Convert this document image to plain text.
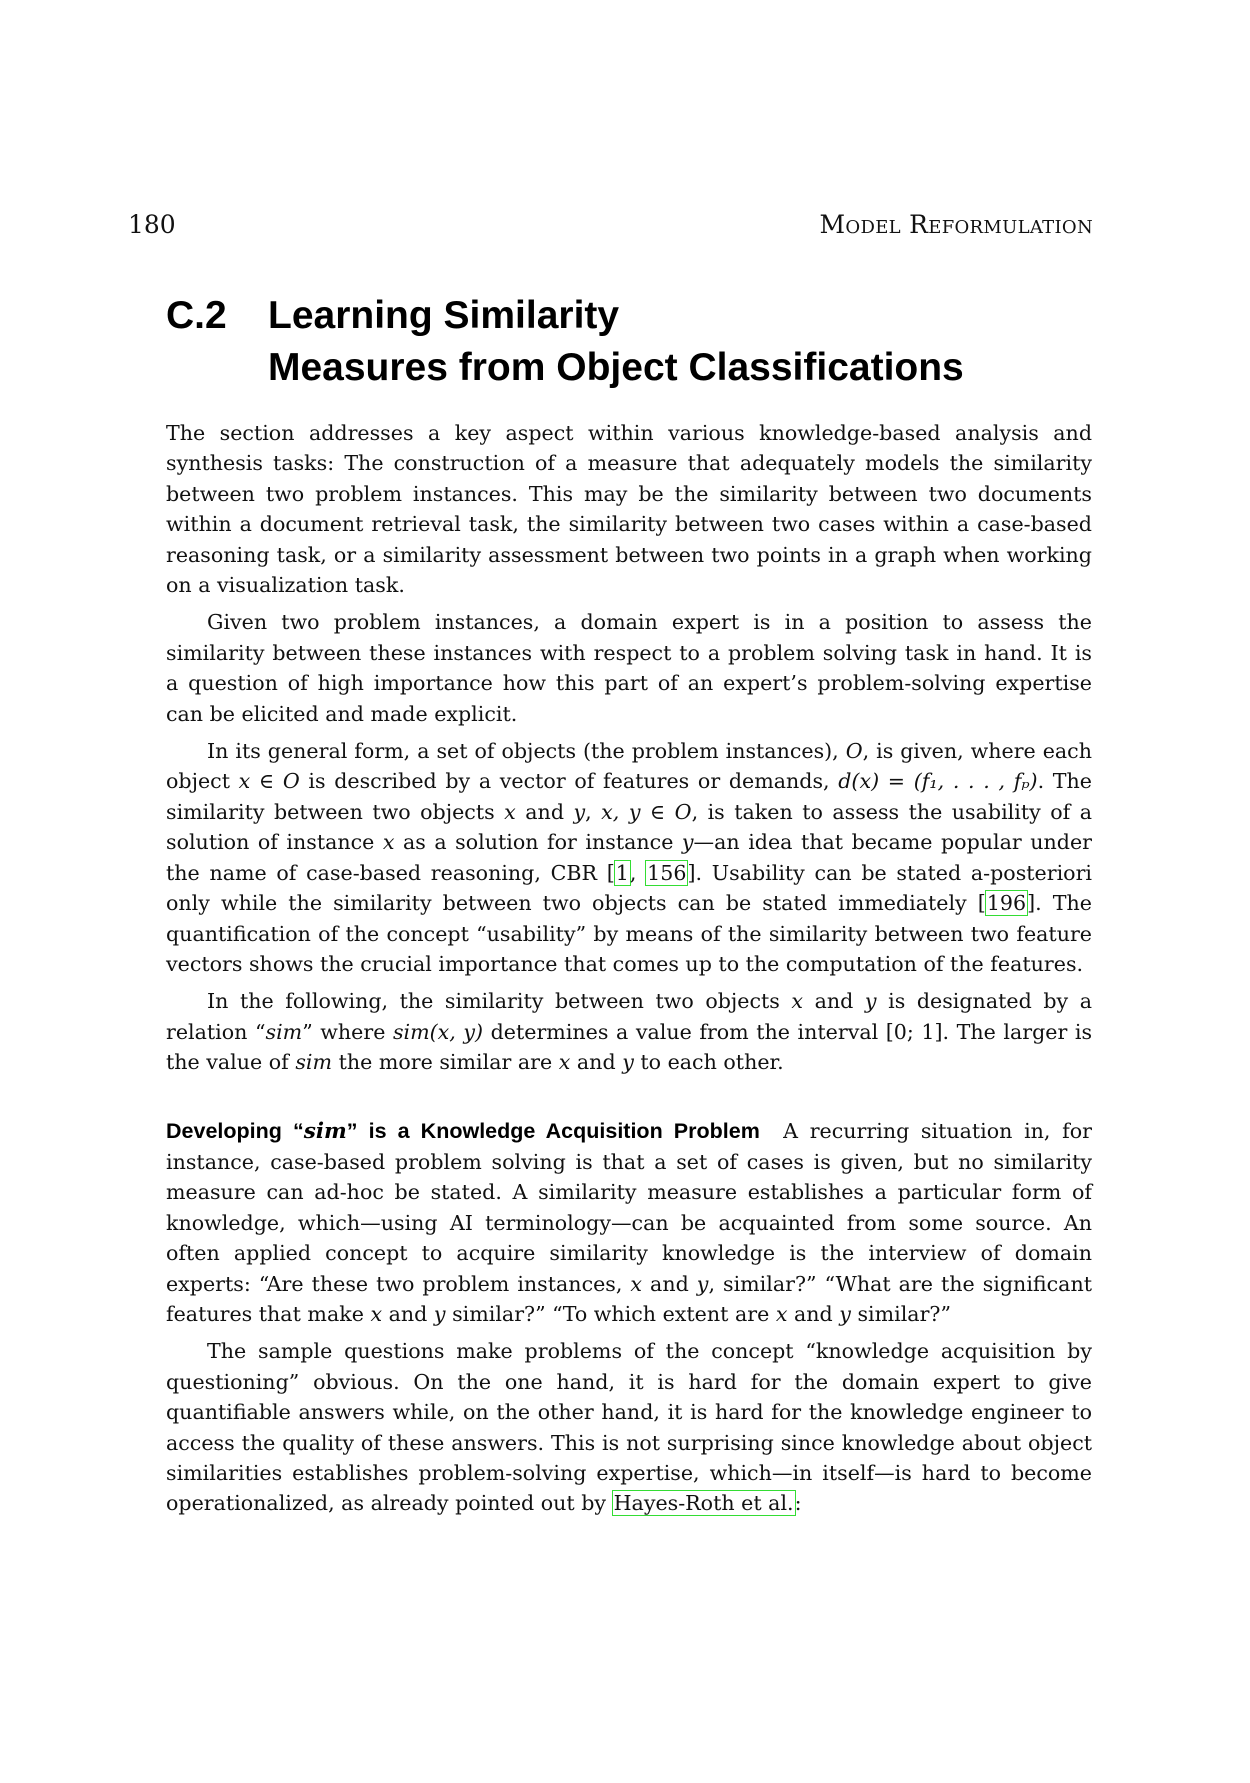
180	Model Reformulation
C.2 Learning Similarity
Measures from Object Classifications

The section addresses a key aspect within various knowledge-based analysis and synthesis tasks: The construction of a measure that adequately models the similarity between two problem instances. This may be the similarity between two documents within a document retrieval task, the similarity between two cases within a case-based reasoning task, or a similarity assessment between two points in a graph when working on a visualization task.

Given two problem instances, a domain expert is in a position to assess the similarity between these instances with respect to a problem solving task in hand. It is a question of high importance how this part of an expert’s problem-solving expertise can be elicited and made explicit.

In its general form, a set of objects (the problem instances), O, is given, where each object x ∈ O is described by a vector of features or demands, d(x) = (f₁, . . . , fₚ). The similarity between two objects x and y, x, y ∈ O, is taken to assess the usability of a solution of instance x as a solution for instance y—an idea that became popular under the name of case-based reasoning, CBR [1, 156]. Usability can be stated a-posteriori only while the similarity between two objects can be stated immediately [196]. The quantification of the concept “usability” by means of the similarity between two feature vectors shows the crucial importance that comes up to the computation of the features.

In the following, the similarity between two objects x and y is designated by a relation “sim” where sim(x, y) determines a value from the interval [0; 1]. The larger is the value of sim the more similar are x and y to each other.

Developing “sim” is a Knowledge Acquisition Problem A recurring situation in, for instance, case-based problem solving is that a set of cases is given, but no similarity measure can ad-hoc be stated. A similarity measure establishes a particular form of knowledge, which—using AI terminology—can be acquainted from some source. An often applied concept to acquire similarity knowledge is the interview of domain experts: “Are these two problem instances, x and y, similar?” “What are the significant features that make x and y similar?” “To which extent are x and y similar?”

The sample questions make problems of the concept “knowledge acquisition by questioning” obvious. On the one hand, it is hard for the domain expert to give quantifiable answers while, on the other hand, it is hard for the knowledge engineer to access the quality of these answers. This is not surprising since knowledge about object similarities establishes problem-solving expertise, which—in itself—is hard to become operationalized, as already pointed out by Hayes-Roth et al.:
